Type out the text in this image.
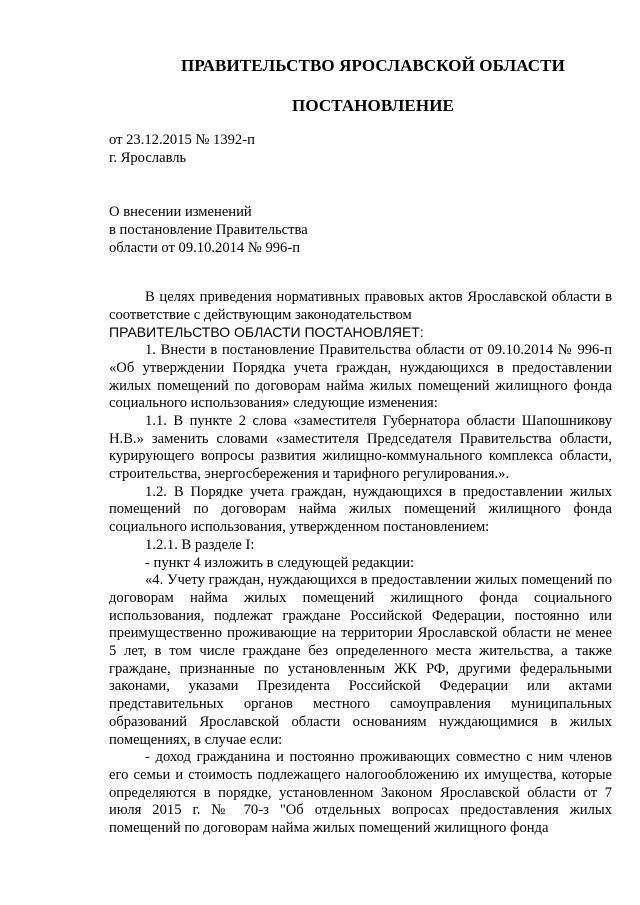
ПРАВИТЕЛЬСТВО ЯРОСЛАВСКОЙ ОБЛАСТИ
ПОСТАНОВЛЕНИЕ
от 23.12.2015 № 1392-п
г. Ярославль
О внесении изменений
в постановление Правительства
области от 09.10.2014 № 996-п

В целях приведения нормативных правовых актов Ярославской области в соответствие с действующим законодательством

ПРАВИТЕЛЬСТВО ОБЛАСТИ ПОСТАНОВЛЯЕТ:

1. Внести в постановление Правительства области от 09.10.2014 № 996-п «Об утверждении Порядка учета граждан, нуждающихся в предоставлении жилых помещений по договорам найма жилых помещений жилищного фонда социального использования» следующие изменения:

1.1. В пункте 2 слова «заместителя Губернатора области Шапошникову Н.В.» заменить словами «заместителя Председателя Правительства области, курирующего вопросы развития жилищно-коммунального комплекса области, строительства, энергосбережения и тарифного регулирования.».

1.2. В Порядке учета граждан, нуждающихся в предоставлении жилых помещений по договорам найма жилых помещений жилищного фонда социального использования, утвержденном постановлением:

1.2.1. В разделе I:

- пункт 4 изложить в следующей редакции:

«4. Учету граждан, нуждающихся в предоставлении жилых помещений по договорам найма жилых помещений жилищного фонда социального использования, подлежат граждане Российской Федерации, постоянно или преимущественно проживающие на территории Ярославской области не менее 5 лет, в том числе граждане без определенного места жительства, а также граждане, признанные по установленным ЖК РФ, другими федеральными законами, указами Президента Российской Федерации или актами представительных органов местного самоуправления муниципальных образований Ярославской области основаниям нуждающимися в жилых помещениях, в случае если:

- доход гражданина и постоянно проживающих совместно с ним членов его семьи и стоимость подлежащего налогообложению их имущества, которые определяются в порядке, установленном Законом Ярославской области от 7 июля 2015 г. № 70-з "Об отдельных вопросах предоставления жилых помещений по договорам найма жилых помещений жилищного фонда
